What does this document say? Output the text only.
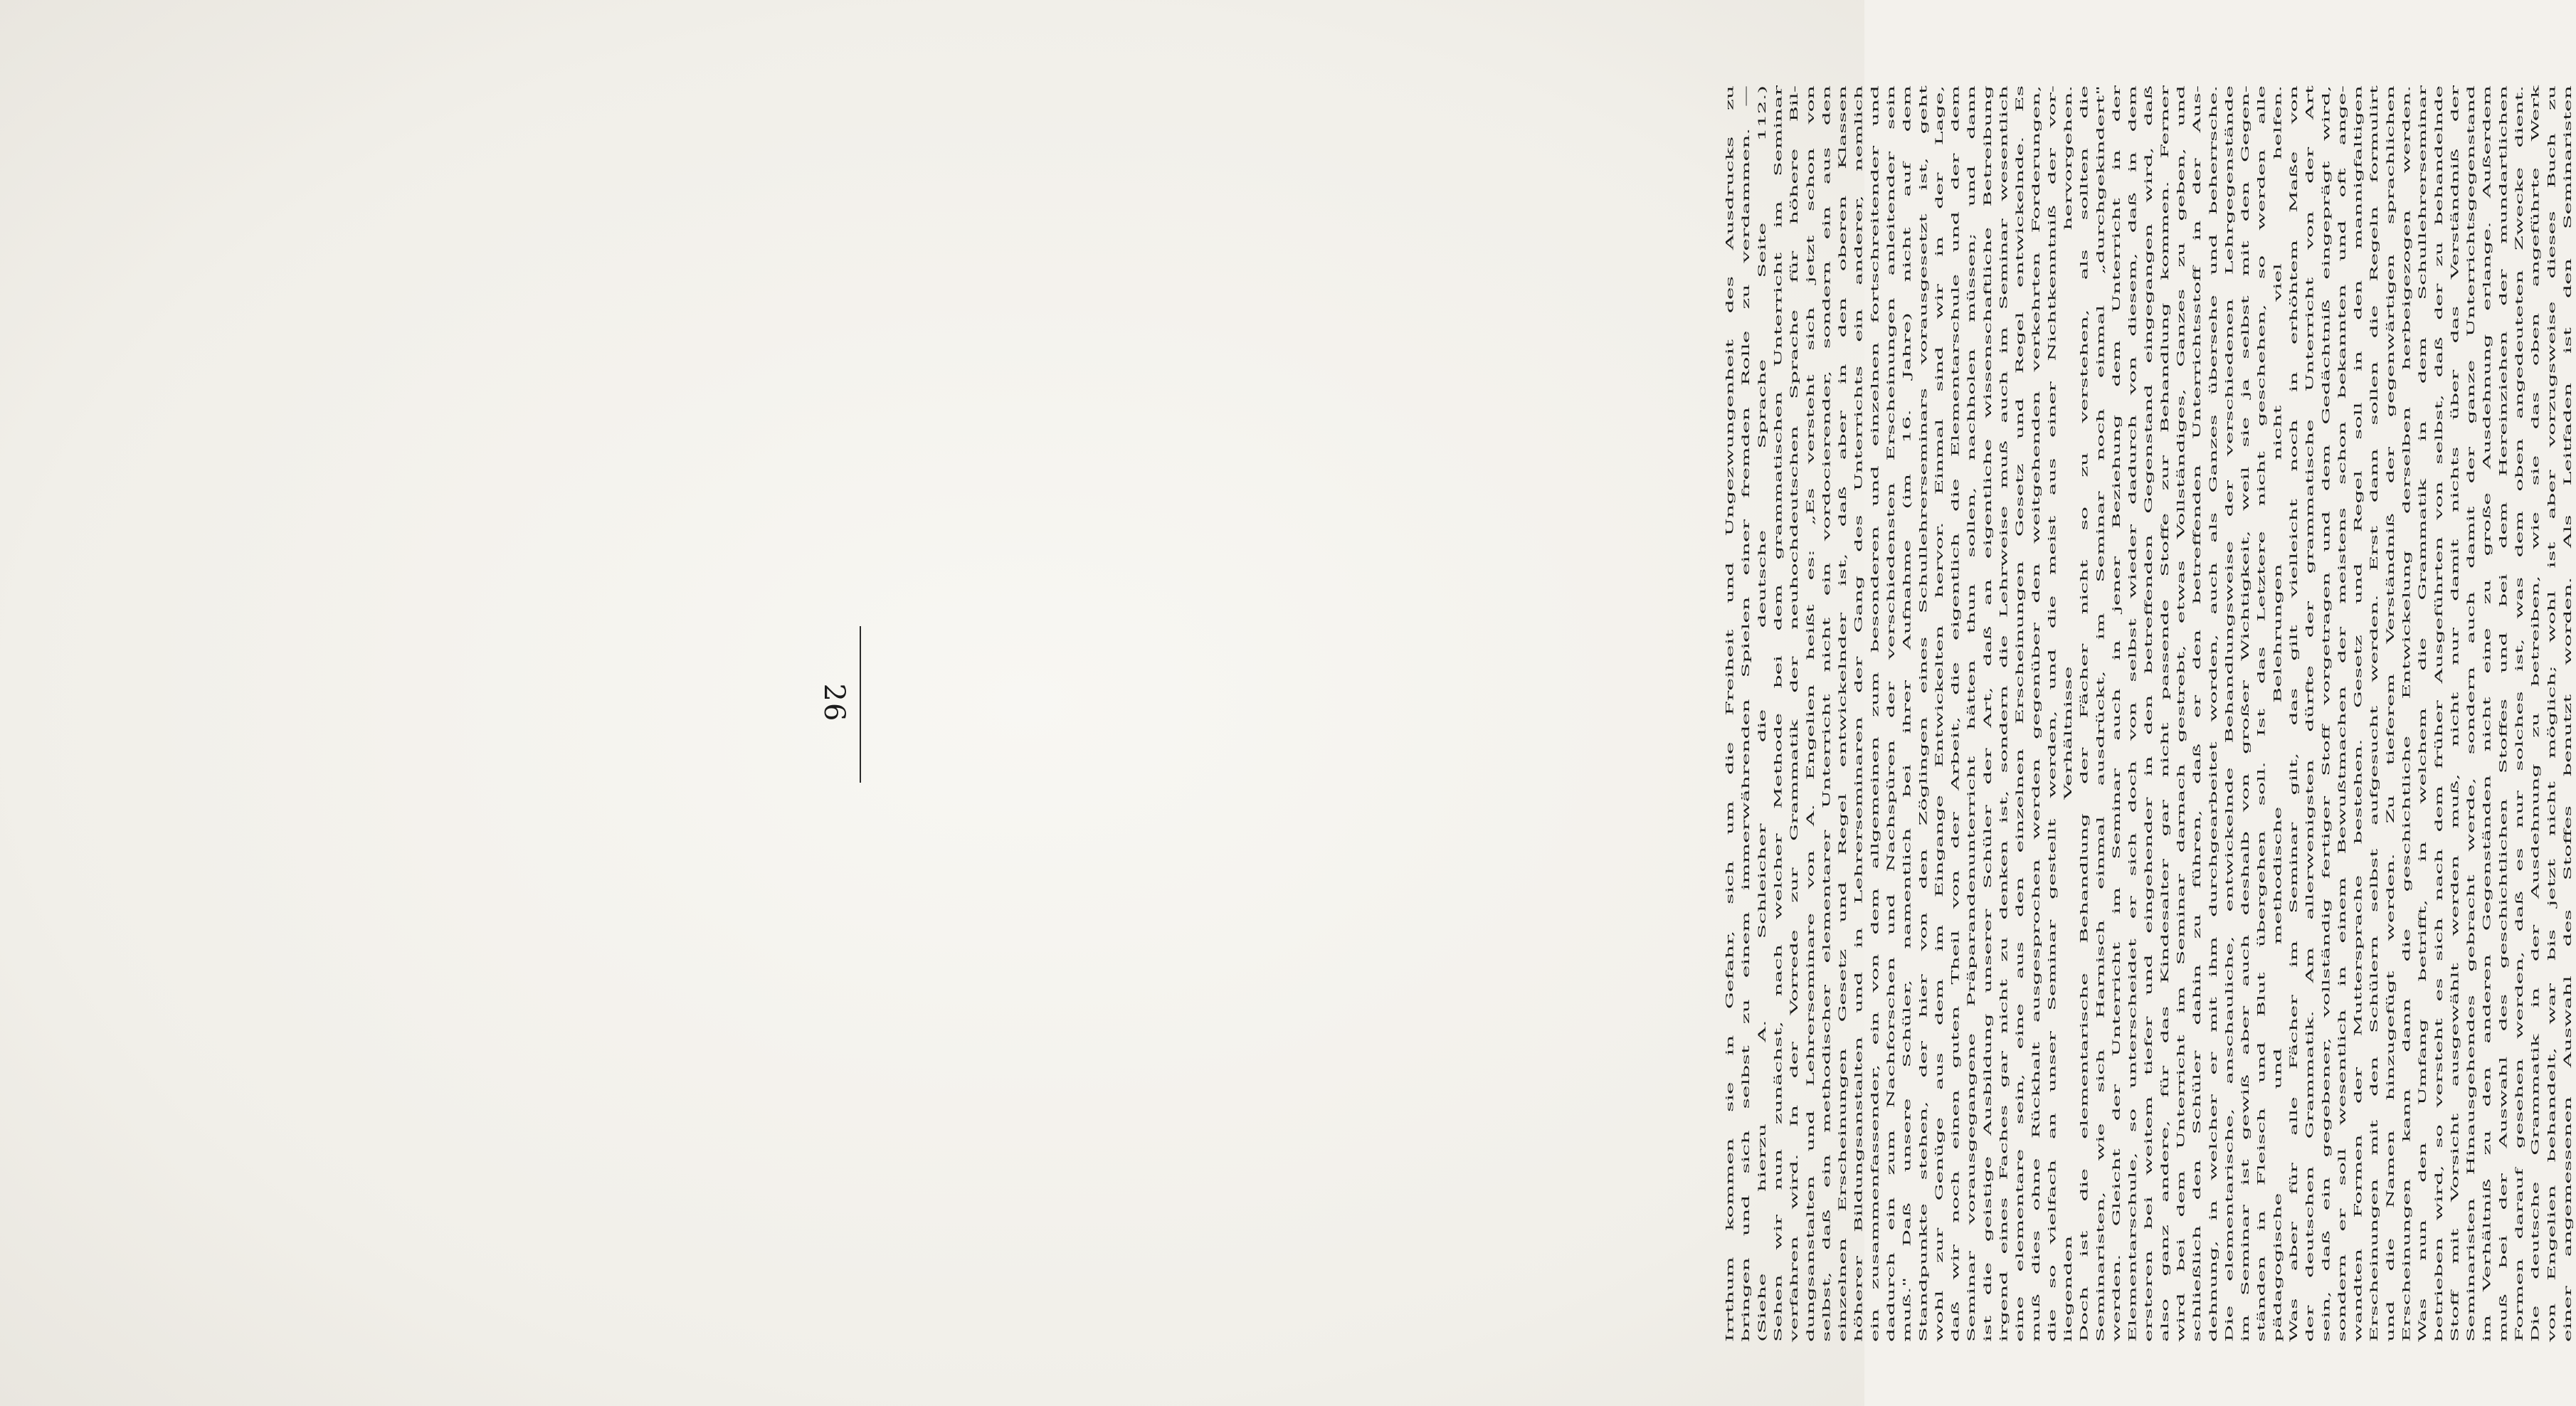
26	Irrthum kommen sie in Gefahr, sich um die Freiheit und Ungezwungenheit des Ausdrucks zu bringen und sich selbst zu einem immerwährenden Spielen einer fremden Rolle zu verdammen. — (Siehe hierzu A. Schleicher die deutsche Sprache Seite 112.) Sehen wir nun zunächst, nach welcher Methode bei dem grammatischen Unterricht im Seminar verfahren wird. In der Vorrede zur Grammatik der neuhochdeutschen Sprache für höhere Bil- dungsanstalten und Lehrerseminare von A. Engelien heißt es: „Es versteht sich jetzt schon von selbst, daß ein methodischer elementarer Unterricht nicht ein vordocierender, sondern ein aus den einzelnen Erscheinungen Gesetz und Regel entwickelnder ist, daß aber in den oberen Klassen höherer Bildungsanstalten und in Lehrerseminaren der Gang des Unterrichts ein anderer, nemlich ein zusammenfassender, ein von dem allgemeinen zum besonderen und einzelnen fortschreitender und dadurch ein zum Nachforschen und Nachspüren der verschiedensten Erscheinungen anleitender sein muß." Daß unsere Schüler, namentlich bei ihrer Aufnahme (im 16. Jahre) nicht auf dem Standpunkte stehen, der hier von den Zöglingen eines Schullehrerseminars vorausgesetzt ist, geht wohl zur Genüge aus dem im Eingange Entwickelten hervor. Einmal sind wir in der Lage, daß wir noch einen guten Theil von der Arbeit, die eigentlich die Elementarschule und der dem Seminar vorausgegangene Präparandenunterricht hätten thun sollen, nachholen müssen; und dann ist die geistige Ausbildung unserer Schüler der Art, daß an eigentliche wissenschaftliche Betreibung irgend eines Faches gar nicht zu denken ist, sondern die Lehrweise muß auch im Seminar wesentlich eine elementare sein, eine aus den einzelnen Erscheinungen Gesetz und Regel entwickelnde. Es muß dies ohne Rückhalt ausgesprochen werden gegenüber den weitgehenden verkehrten Forderungen, die so vielfach an unser Seminar gestellt werden, und die meist aus einer Nichtkenntniß der vor- liegenden Verhältnisse hervorgehen. Doch ist die elementarische Behandlung der Fächer nicht so zu verstehen, als sollten die Seminaristen, wie sich Harnisch einmal ausdrückt, im Seminar noch einmal „durchgekindert" werden. Gleicht der Unterricht im Seminar auch in jener Beziehung dem Unterricht in der Elementarschule, so unterscheidet er sich doch von selbst wieder dadurch von diesem, daß in dem ersteren bei weitem tiefer und eingehender in den betreffenden Gegenstand eingegangen wird, daß also ganz andere, für das Kindesalter gar nicht passende Stoffe zur Behandlung kommen. Ferner wird bei dem Unterricht im Seminar darnach gestrebt, etwas Vollständiges, Ganzes zu geben, und schließlich den Schüler dahin zu führen, daß er den betreffenden Unterrichtsstoff in der Aus- dehnung, in welcher er mit ihm durchgearbeitet worden, auch als Ganzes übersehe und beherrsche. Die elementarische, anschauliche, entwickelnde Behandlungsweise der verschiedenen Lehrgegenstände im Seminar ist gewiß aber auch deshalb von großer Wichtigkeit, weil sie ja selbst mit den Gegen- ständen in Fleisch und Blut übergehen soll. Ist das Letztere nicht geschehen, so werden alle pädagogische und methodische Belehrungen nicht viel helfen. Was aber für alle Fächer im Seminar gilt, das gilt vielleicht noch in erhöhtem Maße von der deutschen Grammatik. Am allerwenigsten dürfte der grammatische Unterricht von der Art sein, daß ein gegebener, vollständig fertiger Stoff vorgetragen und dem Gedächtniß eingeprägt wird, sondern er soll wesentlich in einem Bewußtmachen der meistens schon bekannten und oft ange- wandten Formen der Muttersprache bestehen. Gesetz und Regel soll in den mannigfaltigen Erscheinungen mit den Schülern selbst aufgesucht werden. Erst dann sollen die Regeln formulirt und die Namen hinzugefügt werden. Zu tieferem Verständniß der gegenwärtigen sprachlichen Erscheinungen kann dann die geschichtliche Entwickelung derselben herbeigezogen werden. Was nun den Umfang betrifft, in welchem die Grammatik in dem Schullehrerseminar betrieben wird, so versteht es sich nach dem früher Ausgeführten von selbst, daß der zu behandelnde Stoff mit Vorsicht ausgewählt werden muß, nicht nur damit nichts über das Verständniß der Seminaristen Hinausgehendes gebracht werde, sondern auch damit der ganze Unterrichtsgegenstand im Verhältniß zu den anderen Gegenständen nicht eine zu große Ausdehnung erlange. Außerdem muß bei der Auswahl des geschichtlichen Stoffes und bei dem Hereinziehen der mundartlichen Formen darauf gesehen werden, daß es nur solches ist, was dem oben angedeuteten Zwecke dient. Die deutsche Grammatik in der Ausdehnung zu betreiben, wie sie das oben angeführte Werk von Engelien behandelt, war bis jetzt nicht möglich; wohl ist aber vorzugsweise dieses Buch zu einer angemessenen Auswahl des Stoffes benutzt worden. Als Leitfaden ist den Seminaristen
